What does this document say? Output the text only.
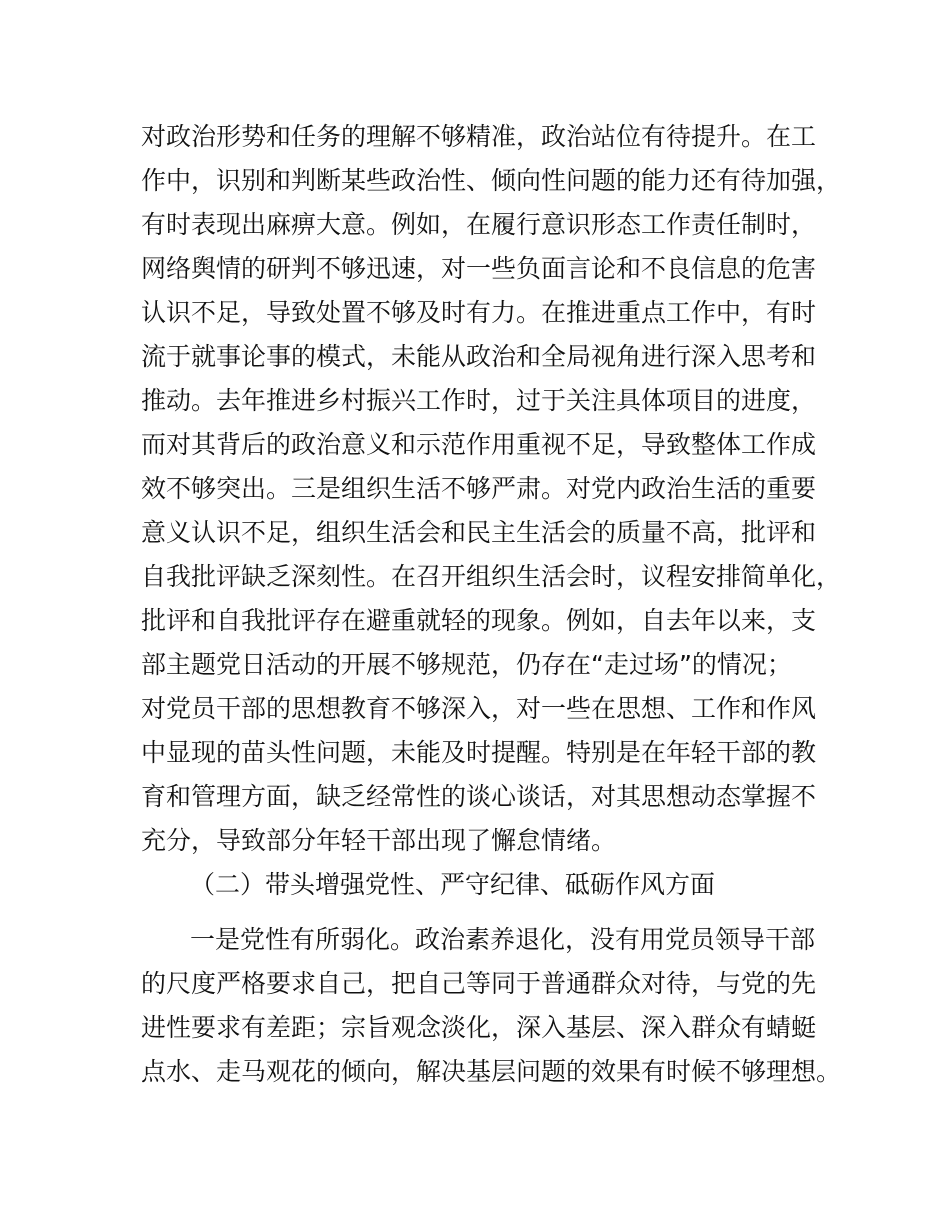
对政治形势和任务的理解不够精准，政治站位有待提升。在工
作中，识别和判断某些政治性、倾向性问题的能力还有待加强，
有时表现出麻痹大意。例如，在履行意识形态工作责任制时，
网络舆情的研判不够迅速，对一些负面言论和不良信息的危害
认识不足，导致处置不够及时有力。在推进重点工作中，有时
流于就事论事的模式，未能从政治和全局视角进行深入思考和
推动。去年推进乡村振兴工作时，过于关注具体项目的进度，
而对其背后的政治意义和示范作用重视不足，导致整体工作成
效不够突出。三是组织生活不够严肃。对党内政治生活的重要
意义认识不足，组织生活会和民主生活会的质量不高，批评和
自我批评缺乏深刻性。在召开组织生活会时，议程安排简单化，
批评和自我批评存在避重就轻的现象。例如，自去年以来，支
部主题党日活动的开展不够规范，仍存在“走过场”的情况；
对党员干部的思想教育不够深入，对一些在思想、工作和作风
中显现的苗头性问题，未能及时提醒。特别是在年轻干部的教
育和管理方面，缺乏经常性的谈心谈话，对其思想动态掌握不
充分，导致部分年轻干部出现了懈怠情绪。
（二）带头增强党性、严守纪律、砥砺作风方面
一是党性有所弱化。政治素养退化，没有用党员领导干部
的尺度严格要求自己，把自己等同于普通群众对待，与党的先
进性要求有差距；宗旨观念淡化，深入基层、深入群众有蜻蜓
点水、走马观花的倾向，解决基层问题的效果有时候不够理想。
